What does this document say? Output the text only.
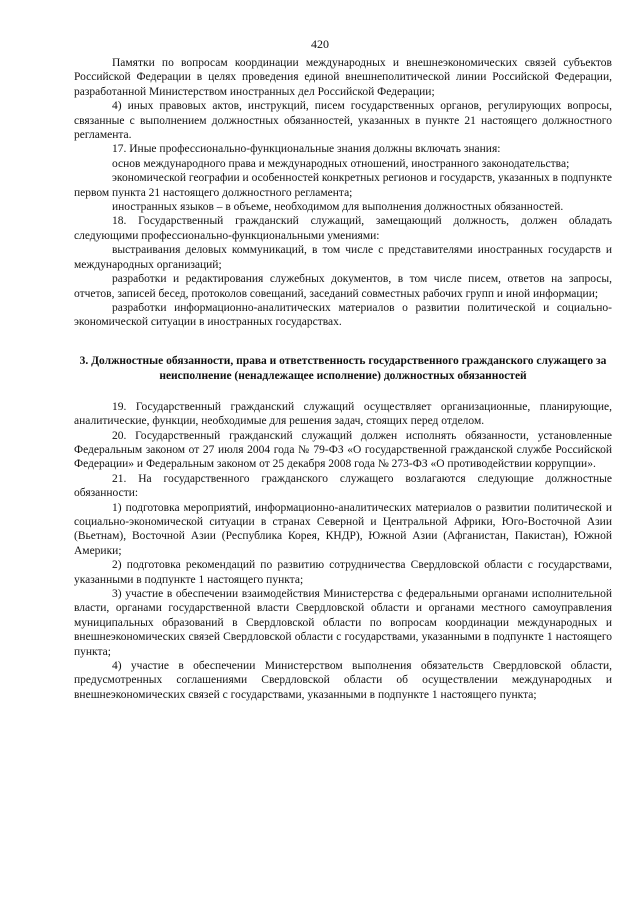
420

Памятки по вопросам координации международных и внешнеэкономических связей субъектов Российской Федерации в целях проведения единой внешнеполитической линии Российской Федерации, разработанной Министерством иностранных дел Российской Федерации;

4) иных правовых актов, инструкций, писем государственных органов, регулирующих вопросы, связанные с выполнением должностных обязанностей, указанных в пункте 21 настоящего должностного регламента.

17. Иные профессионально-функциональные знания должны включать знания:

основ международного права и международных отношений, иностранного законодательства;

экономической географии и особенностей конкретных регионов и государств, указанных в подпункте первом пункта 21 настоящего должностного регламента;

иностранных языков – в объеме, необходимом для выполнения должностных обязанностей.

18. Государственный гражданский служащий, замещающий должность, должен обладать следующими профессионально-функциональными умениями:

выстраивания деловых коммуникаций, в том числе с представителями иностранных государств и международных организаций;

разработки и редактирования служебных документов, в том числе писем, ответов на запросы, отчетов, записей бесед, протоколов совещаний, заседаний совместных рабочих групп и иной информации;

разработки информационно-аналитических материалов о развитии политической и социально-экономической ситуации в иностранных государствах.

3. Должностные обязанности, права и ответственность государственного гражданского служащего за неисполнение (ненадлежащее исполнение) должностных обязанностей

19. Государственный гражданский служащий осуществляет организационные, планирующие, аналитические, функции, необходимые для решения задач, стоящих перед отделом.

20. Государственный гражданский служащий должен исполнять обязанности, установленные Федеральным законом от 27 июля 2004 года № 79-ФЗ «О государственной гражданской службе Российской Федерации» и Федеральным законом от 25 декабря 2008 года № 273-ФЗ «О противодействии коррупции».

21. На государственного гражданского служащего возлагаются следующие должностные обязанности:

1) подготовка мероприятий, информационно-аналитических материалов о развитии политической и социально-экономической ситуации в странах Северной и Центральной Африки, Юго-Восточной Азии (Вьетнам), Восточной Азии (Республика Корея, КНДР), Южной Азии (Афганистан, Пакистан), Южной Америки;

2) подготовка рекомендаций по развитию сотрудничества Свердловской области с государствами, указанными в подпункте 1 настоящего пункта;

3) участие в обеспечении взаимодействия Министерства с федеральными органами исполнительной власти, органами государственной власти Свердловской области и органами местного самоуправления муниципальных образований в Свердловской области по вопросам координации международных и внешнеэкономических связей Свердловской области с государствами, указанными в подпункте 1 настоящего пункта;

4) участие в обеспечении Министерством выполнения обязательств Свердловской области, предусмотренных соглашениями Свердловской области об осуществлении международных и внешнеэкономических связей с государствами, указанными в подпункте 1 настоящего пункта;
